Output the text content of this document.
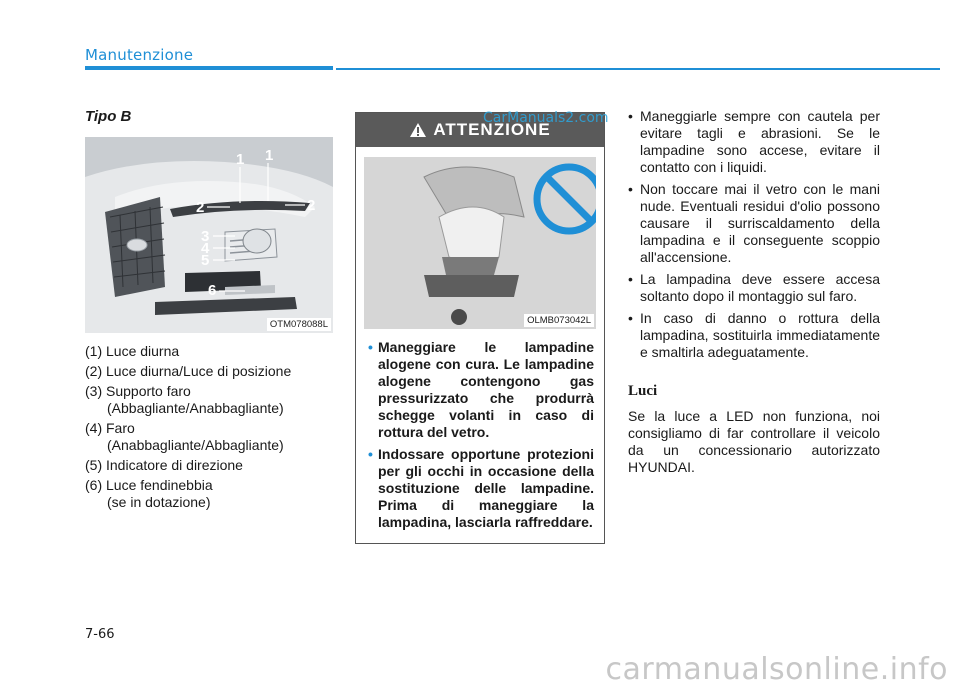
Manutenzione
Tipo B
1 1
2	2
3
4
5
6
OTM078088L
(1) Luce diurna
(2) Luce diurna/Luce di posizione
(3) Supporto faro
(Abbagliante/Anabbagliante)
(4) Faro
(Anabbagliante/Abbagliante)
(5) Indicatore di direzione
(6) Luce fendinebbia
(se in dotazione)
ATTENZIONE
OLMB073042L
• Maneggiare le lampadine alogene con cura. Le lampadine alogene contengono gas pressurizzato che produrrà schegge volanti in caso di rottura del vetro.
• Indossare opportune protezioni per gli occhi in occasione della sostituzione delle lampadine. Prima di maneggiare la lampadina, lasciarla raffreddare.
CarManuals2.com
•	Maneggiarle sempre con cautela per evitare tagli e abrasioni. Se le lampadine sono accese, evitare il contatto con i liquidi.
• Non toccare mai il vetro con le mani nude. Eventuali residui d'olio possono causare il surriscaldamento della lampadina e il conseguente scoppio all'accensione.
• La lampadina deve essere accesa soltanto dopo il montaggio sul faro.
• In caso di danno o rottura della lampadina, sostituirla immediatamente e smaltirla adeguatamente.
Luci

Se la luce a LED non funziona, noi consigliamo di far controllare il veicolo da un concessionario autorizzato HYUNDAI.

7-66
carmanualsonline.info
